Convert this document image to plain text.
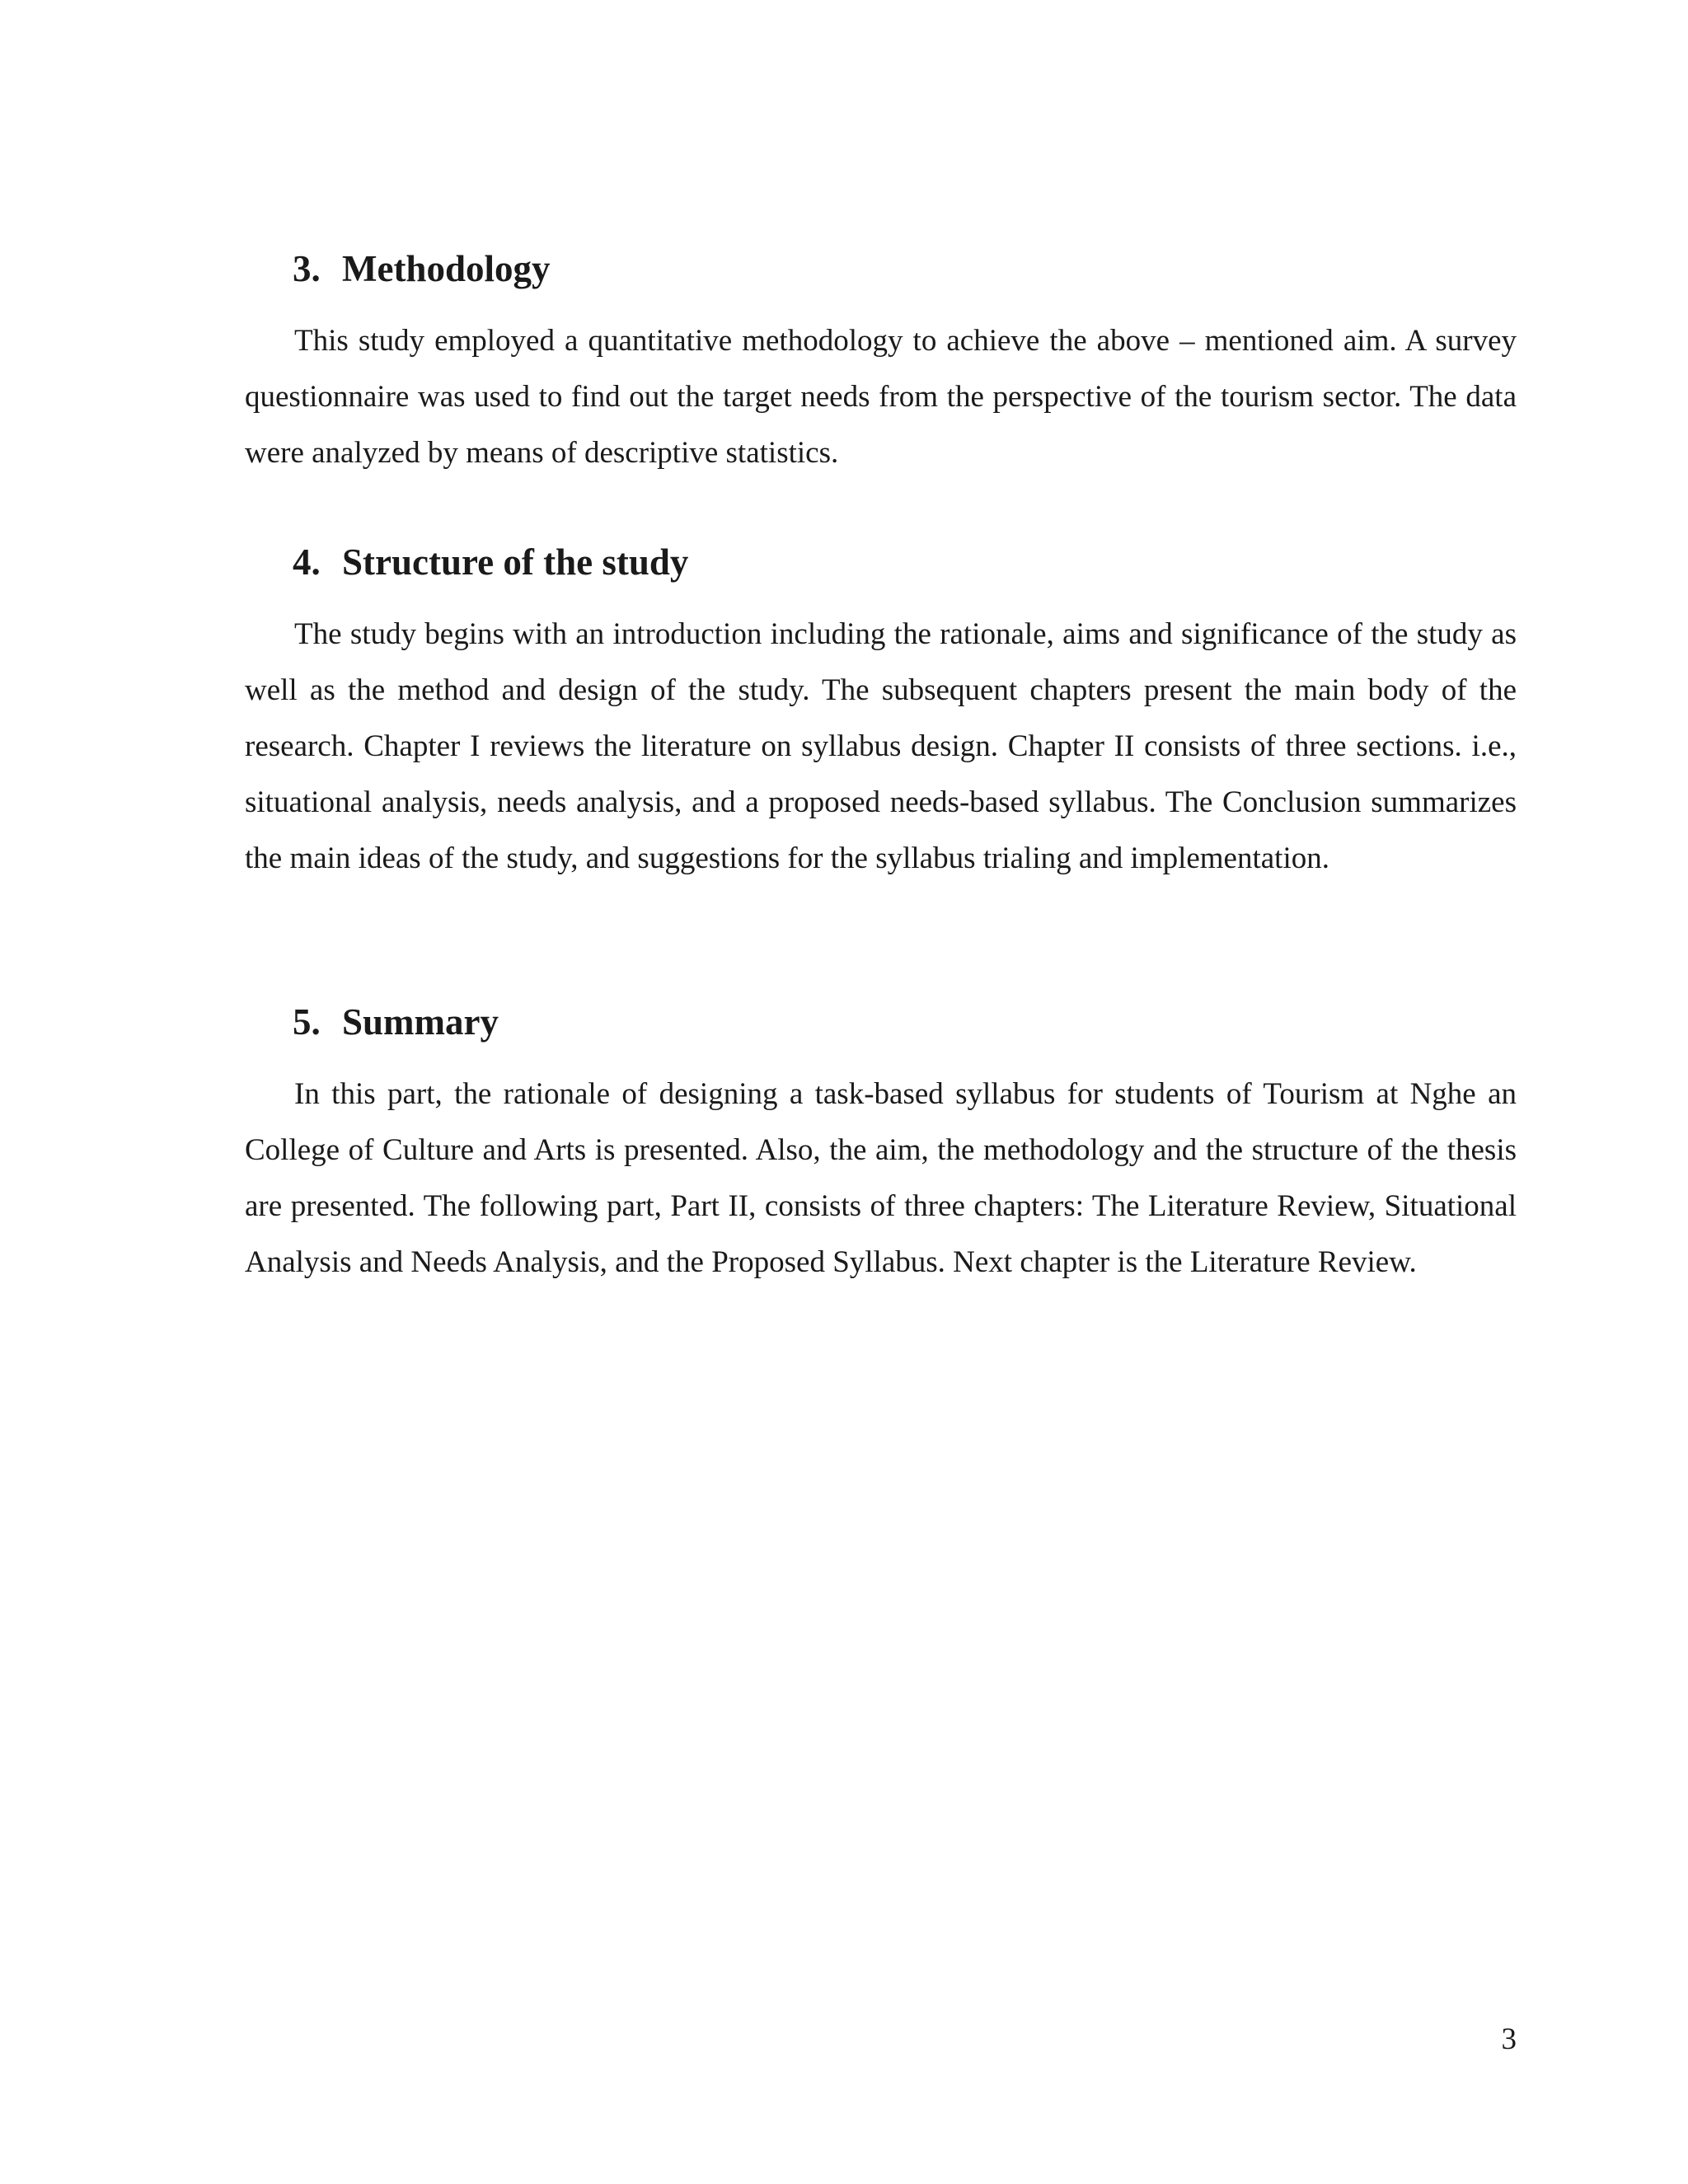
3. Methodology

This study employed a quantitative methodology to achieve the above – mentioned aim. A survey questionnaire was used to find out the target needs from the perspective of the tourism sector. The data were analyzed by means of descriptive statistics.

4. Structure of the study

The study begins with an introduction including the rationale, aims and significance of the study as well as the method and design of the study. The subsequent chapters present the main body of the research. Chapter I reviews the literature on syllabus design. Chapter II consists of three sections. i.e., situational analysis, needs analysis, and a proposed needs-based syllabus. The Conclusion summarizes the main ideas of the study, and suggestions for the syllabus trialing and implementation.

5. Summary

In this part, the rationale of designing a task-based syllabus for students of Tourism at Nghe an College of Culture and Arts is presented. Also, the aim, the methodology and the structure of the thesis are presented. The following part, Part II, consists of three chapters: The Literature Review, Situational Analysis and Needs Analysis, and the Proposed Syllabus. Next chapter is the Literature Review.

3
